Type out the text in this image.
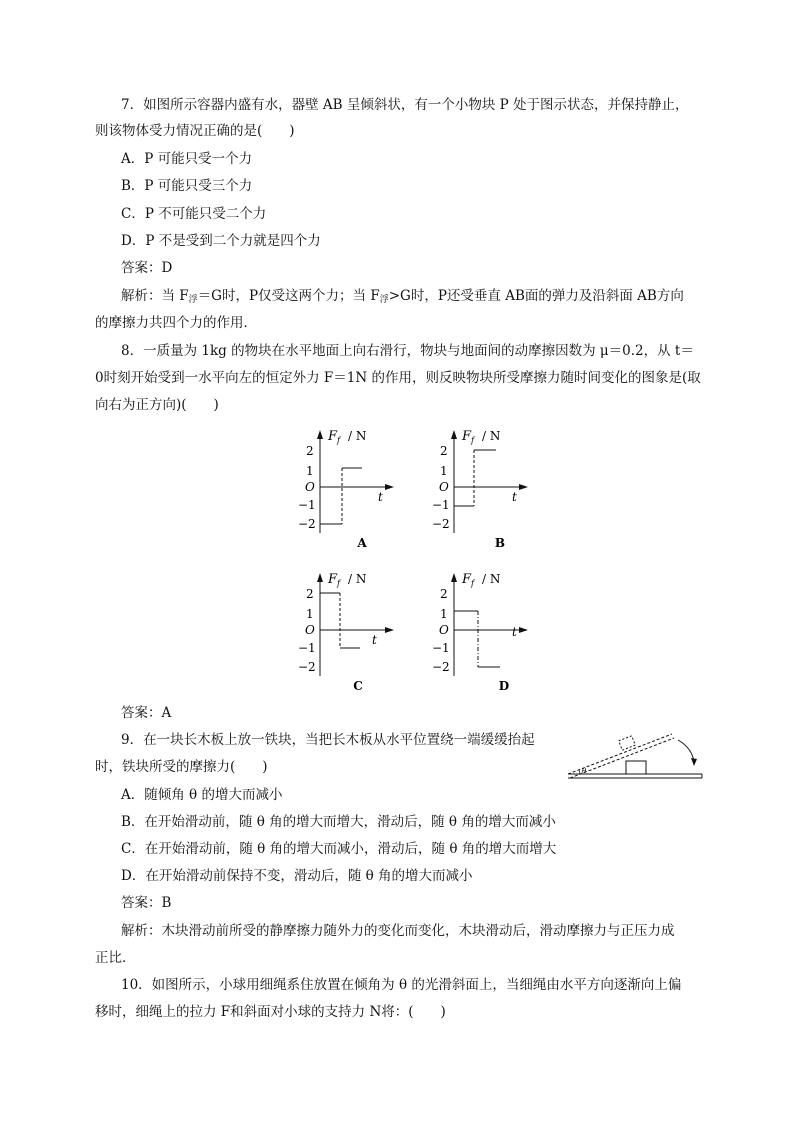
7．如图所示容器内盛有水，器壁 AB 呈倾斜状，有一个小物块 P 处于图示状态，并保持静止，
则该物体受力情况正确的是(　　)
A．P 可能只受一个力
B．P 可能只受三个力
C．P 不可能只受二个力
D．P 不是受到二个力就是四个力
答案：D
解析：当 $F_浮=G$时，P仅受这两个力；当 $F_浮>G$时，P还受垂直 AB面的弹力及沿斜面 AB方向
的摩擦力共四个力的作用．
8．一质量为 1kg 的物块在水平地面上向右滑行，物块与地面间的动摩擦因数为 μ＝0.2，从 t＝
0时刻开始受到一水平向左的恒定外力 F＝1N 的作用，则反映物块所受摩擦力随时间变化的图象是(取
向右为正方向)(　　)
F f / N
2
1
O
−1
−2
t
A
F f / N
2
1
O
−1
−2
t
B
F f / N
2
1
O
−1
−2
t
C
F f / N
2
1
O
−1
−2
t
D
答案：A
9．在一块长木板上放一铁块，当把长木板从水平位置绕一端缓缓抬起
时，铁块所受的摩擦力(　　)	θ
A．随倾角 θ 的增大而减小
B．在开始滑动前，随 θ 角的增大而增大，滑动后，随 θ 角的增大而减小
C．在开始滑动前，随 θ 角的增大而减小，滑动后，随 θ 角的增大而增大
D．在开始滑动前保持不变，滑动后，随 θ 角的增大而减小
答案：B
解析：木块滑动前所受的静摩擦力随外力的变化而变化，木块滑动后，滑动摩擦力与正压力成
正比．
10．如图所示，小球用细绳系住放置在倾角为 θ 的光滑斜面上，当细绳由水平方向逐渐向上偏
移时，细绳上的拉力 F和斜面对小球的支持力 N将：(　　)
